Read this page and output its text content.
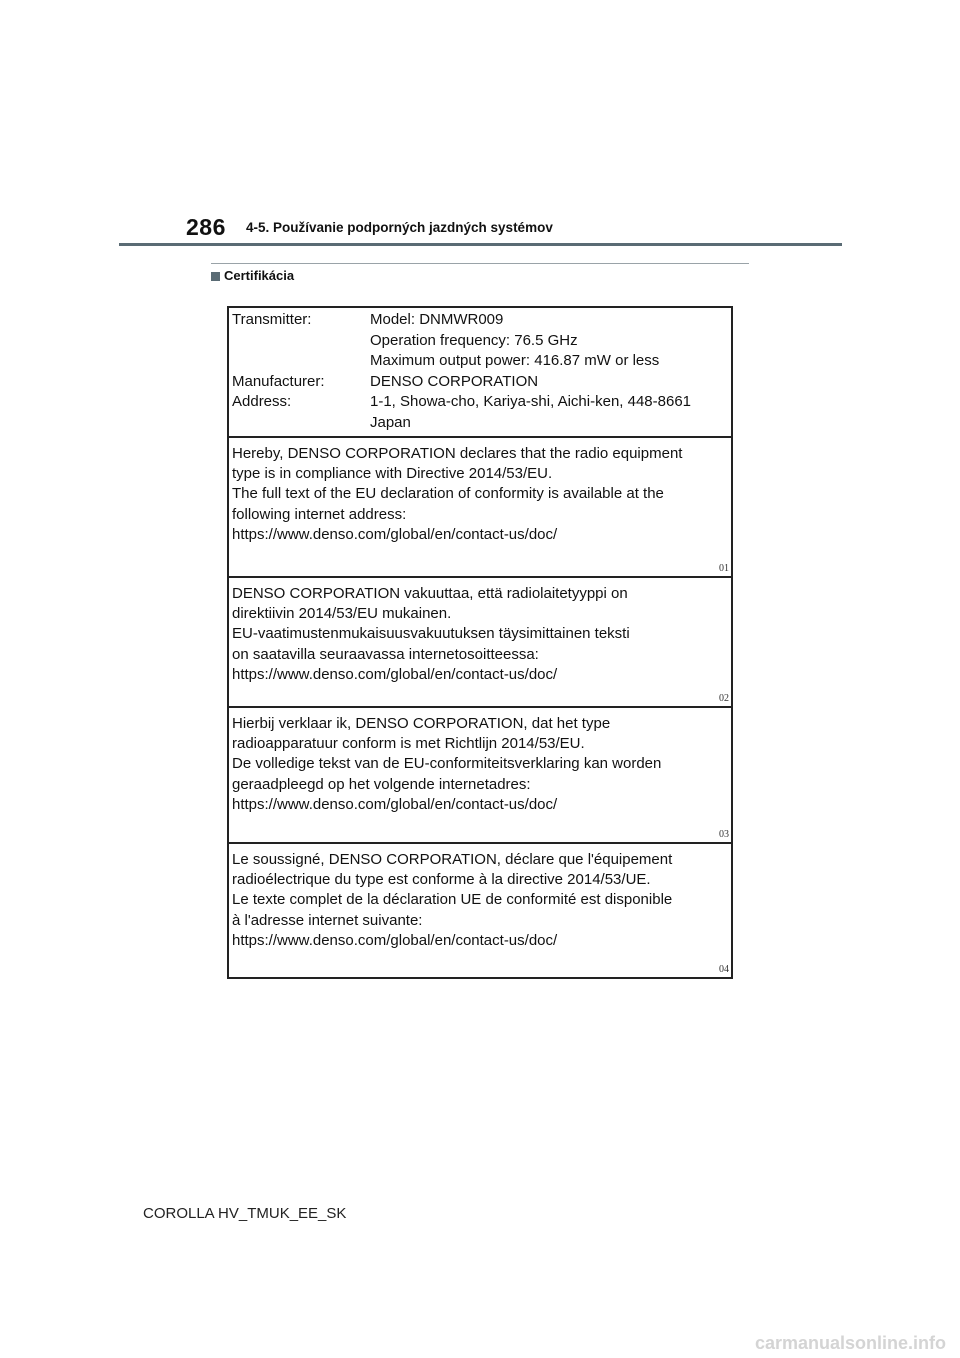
286 4-5. Používanie podporných jazdných systémov
Certifikácia
Transmitter:	Model: DNMWR009
Operation frequency: 76.5 GHz
Maximum output power: 416.87 mW or less
Manufacturer:	DENSO CORPORATION
Address:	1-1, Showa-cho, Kariya-shi, Aichi-ken, 448-8661
Japan
Hereby, DENSO CORPORATION declares that the radio equipment
type is in compliance with Directive 2014/53/EU.
The full text of the EU declaration of conformity is available at the
following internet address:
https://www.denso.com/global/en/contact-us/doc/
01
DENSO CORPORATION vakuuttaa, että radiolaitetyyppi on
direktiivin 2014/53/EU mukainen.
EU-vaatimustenmukaisuusvakuutuksen täysimittainen teksti
on saatavilla seuraavassa internetosoitteessa:
https://www.denso.com/global/en/contact-us/doc/
02
Hierbij verklaar ik, DENSO CORPORATION, dat het type
radioapparatuur conform is met Richtlijn 2014/53/EU.
De volledige tekst van de EU-conformiteitsverklaring kan worden
geraadpleegd op het volgende internetadres:
https://www.denso.com/global/en/contact-us/doc/
03
Le soussigné, DENSO CORPORATION, déclare que l'équipement
radioélectrique du type est conforme à la directive 2014/53/UE.
Le texte complet de la déclaration UE de conformité est disponible
à l'adresse internet suivante:
https://www.denso.com/global/en/contact-us/doc/
04
COROLLA HV_TMUK_EE_SK
carmanualsonline.info
